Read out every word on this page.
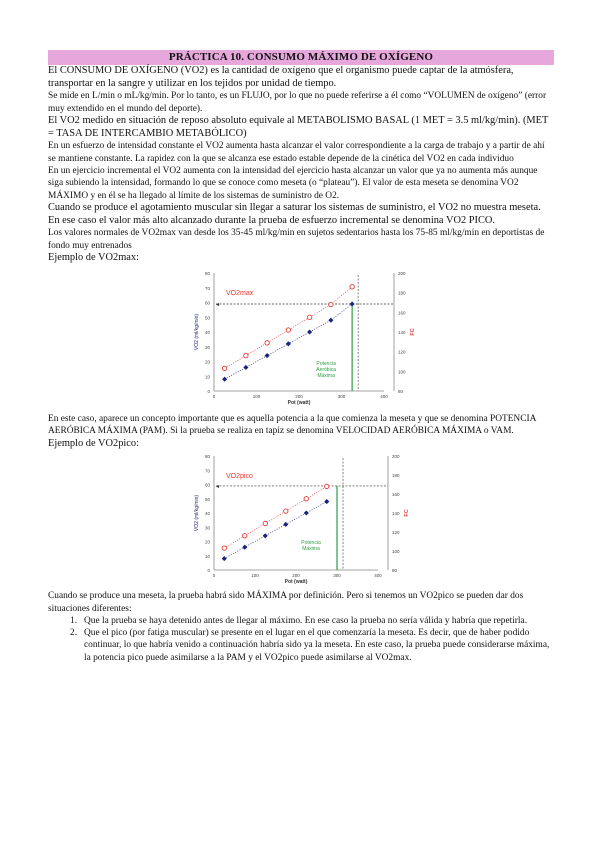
PRÁCTICA 10. CONSUMO MÁXIMO DE OXÍGENO

El CONSUMO DE OXÍGENO (VO2) es la cantidad de oxígeno que el organismo puede captar de la atmósfera, transportar en la sangre y utilizar en los tejidos por unidad de tiempo.

Se mide en L/min o mL/kg/min. Por lo tanto, es un FLUJO, por lo que no puede referirse a él como “VOLUMEN de oxígeno” (error muy extendido en el mundo del deporte).

El VO2 medido en situación de reposo absoluto equivale al METABOLISMO BASAL (1 MET = 3.5 ml/kg/min). (MET = TASA DE INTERCAMBIO METABÓLICO)

En un esfuerzo de intensidad constante el VO2 aumenta hasta alcanzar el valor correspondiente a la carga de trabajo y a partir de ahí se mantiene constante. La rapidez con la que se alcanza ese estado estable depende de la cinética del VO2 en cada individuo

En un ejercicio incremental el VO2 aumenta con la intensidad del ejercicio hasta alcanzar un valor que ya no aumenta más aunque siga subiendo la intensidad, formando lo que se conoce como meseta (o “plateau”). El valor de esta meseta se denomina VO2 MÁXIMO y en él se ha llegado al límite de los sistemas de suministro de O2.

Cuando se produce el agotamiento muscular sin llegar a saturar los sistemas de suministro, el VO2 no muestra meseta. En ese caso el valor más alto alcanzado durante la prueba de esfuerzo incremental se denomina VO2 PICO.

Los valores normales de VO2max van desde los 35-45 ml/kg/min en sujetos sedentarios hasta los 75-85 ml/kg/min en deportistas de fondo muy entrenados

Ejemplo de VO2max:

0
10
20
30
40
50
60
70
80
80
100
120
140
160
180
200
0	100	200	300	400
Pot (watt)
VO2 (ml/kg/min)	FC
◂
Potencia
Aeróbica
Máxima
VO2max

En este caso, aparece un concepto importante que es aquella potencia a la que comienza la meseta y que se denomina POTENCIA AERÓBICA MÁXIMA (PAM). Si la prueba se realiza en tapiz se denomina VELOCIDAD AERÓBICA MÁXIMA o VAM.

Ejemplo de VO2pico:

0
10
20
30
40
50
60
70
80
80
100
120
140
160
180
200
0	100	200	300	400
Pot (watt)
VO2 (ml/kg/min)	FC
◂
Potencia
Máxima
VO2pico

Cuando se produce una meseta, la prueba habrá sido MÁXIMA por definición. Pero si tenemos un VO2pico se pueden dar dos situaciones diferentes:

1. Que la prueba se haya detenido antes de llegar al máximo. En ese caso la prueba no sería válida y habría que repetirla.
2. Que el pico (por fatiga muscular) se presente en el lugar en el que comenzaría la meseta. Es decir, que de haber podido continuar, lo que habría venido a continuación habría sido ya la meseta. En este caso, la prueba puede considerarse máxima, la potencia pico puede asimilarse a la PAM y el VO2pico puede asimilarse al VO2max.
